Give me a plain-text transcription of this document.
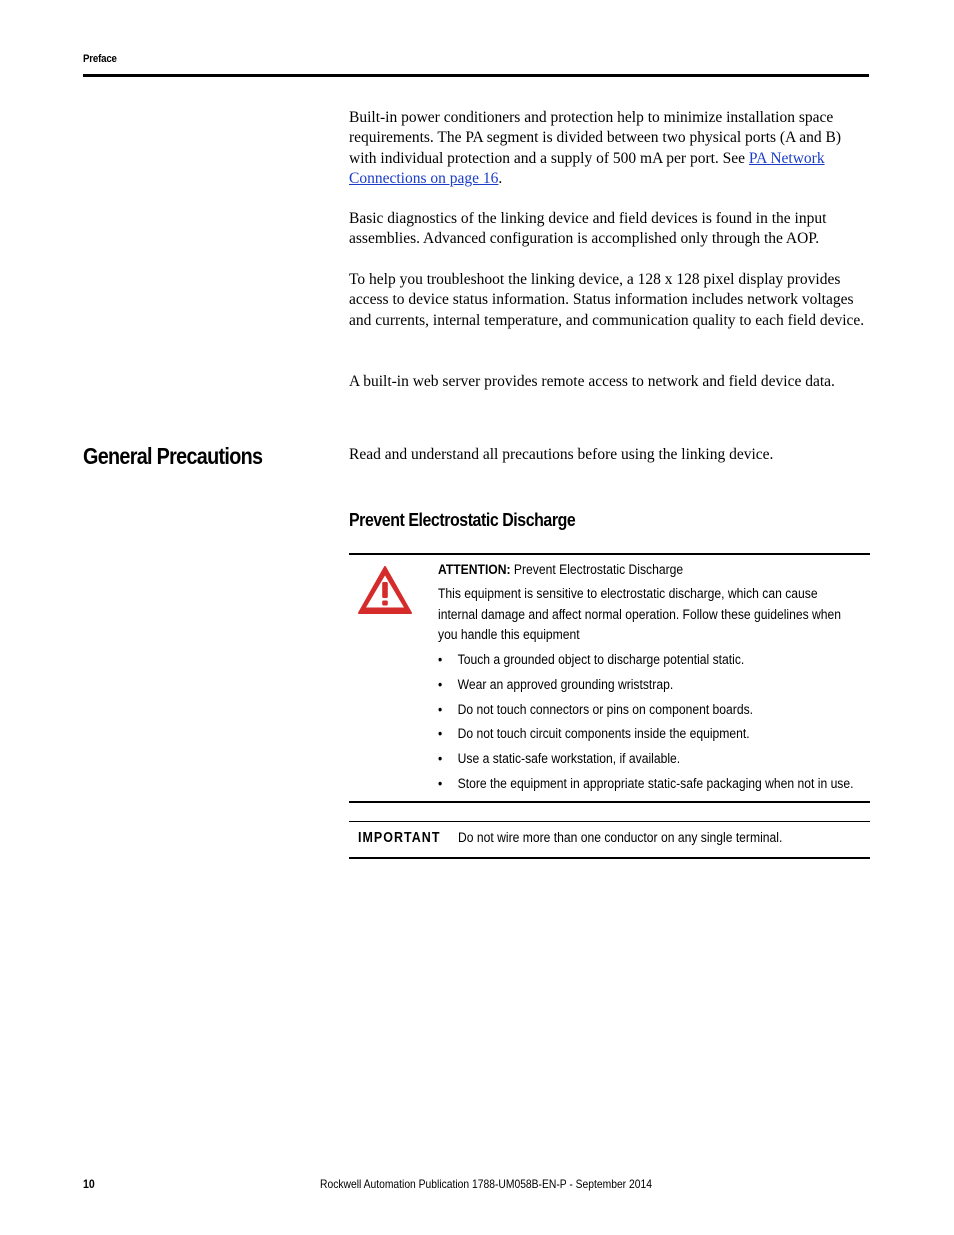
Preface

Built-in power conditioners and protection help to minimize installation space requirements. The PA segment is divided between two physical ports (A and B) with individual protection and a supply of 500 mA per port. See PA Network Connections on page 16.

Basic diagnostics of the linking device and field devices is found in the input assemblies. Advanced configuration is accomplished only through the AOP.

To help you troubleshoot the linking device, a 128 x 128 pixel display provides access to device status information. Status information includes network voltages and currents, internal temperature, and communication quality to each field device.

A built-in web server provides remote access to network and field device data.

General Precautions	Read and understand all precautions before using the linking device.

Prevent Electrostatic Discharge
ATTENTION: Prevent Electrostatic Discharge
This equipment is sensitive to electrostatic discharge, which can cause internal damage and affect normal operation. Follow these guidelines when you handle this equipment
• Touch a grounded object to discharge potential static.
• Wear an approved grounding wriststrap.
• Do not touch connectors or pins on component boards.
• Do not touch circuit components inside the equipment.
• Use a static-safe workstation, if available.
• Store the equipment in appropriate static-safe packaging when not in use.
IMPORTANT Do not wire more than one conductor on any single terminal.
10	Rockwell Automation Publication 1788-UM058B-EN-P - September 2014
